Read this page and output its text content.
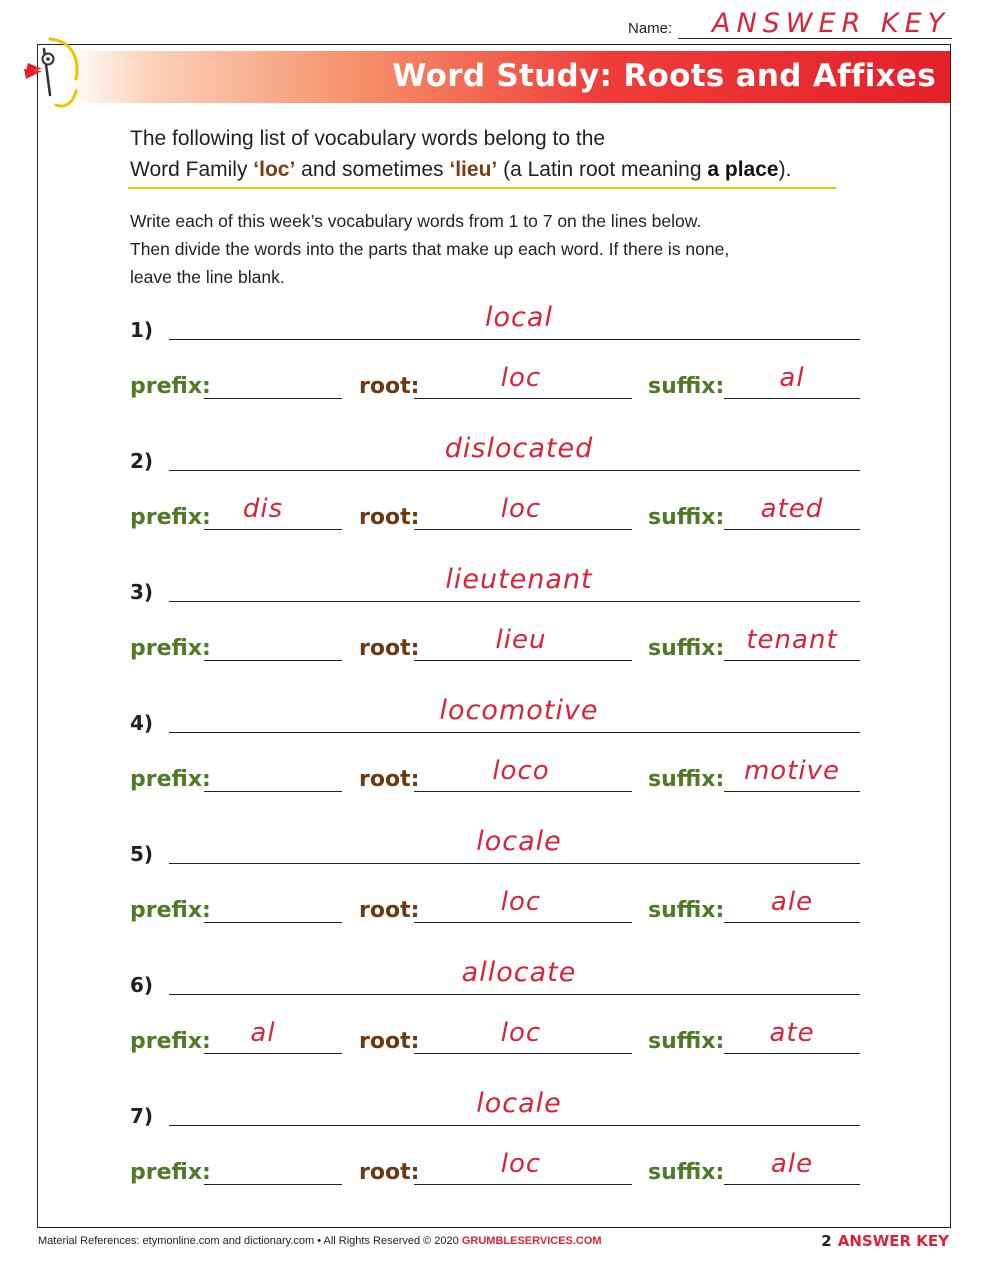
Name: ANSWER KEY
Word Study: Roots and Affixes
The following list of vocabulary words belong to the
Word Family ‘loc’ and sometimes ‘lieu’ (a Latin root meaning a place).
Write each of this week’s vocabulary words from 1 to 7 on the lines below.
Then divide the words into the parts that make up each word. If there is none,
leave the line blank.
1)	local
prefix:	root:	loc	suffix: al
2)	dislocated
prefix: dis	root:	loc	suffix: ated
3)	lieutenant
prefix:	root:	lieu	suffix: tenant
4)	locomotive
prefix:	root:	loco	suffix: motive
5)	locale
prefix:	root:	loc	suffix: ale
6)	allocate
prefix: al	root:	loc	suffix: ate
7)	locale
prefix:	root:	loc	suffix: ale
Material References: etymonline.com and dictionary.com • All Rights Reserved © 2020 GRUMBLESERVICES.COM	2 ANSWER KEY
